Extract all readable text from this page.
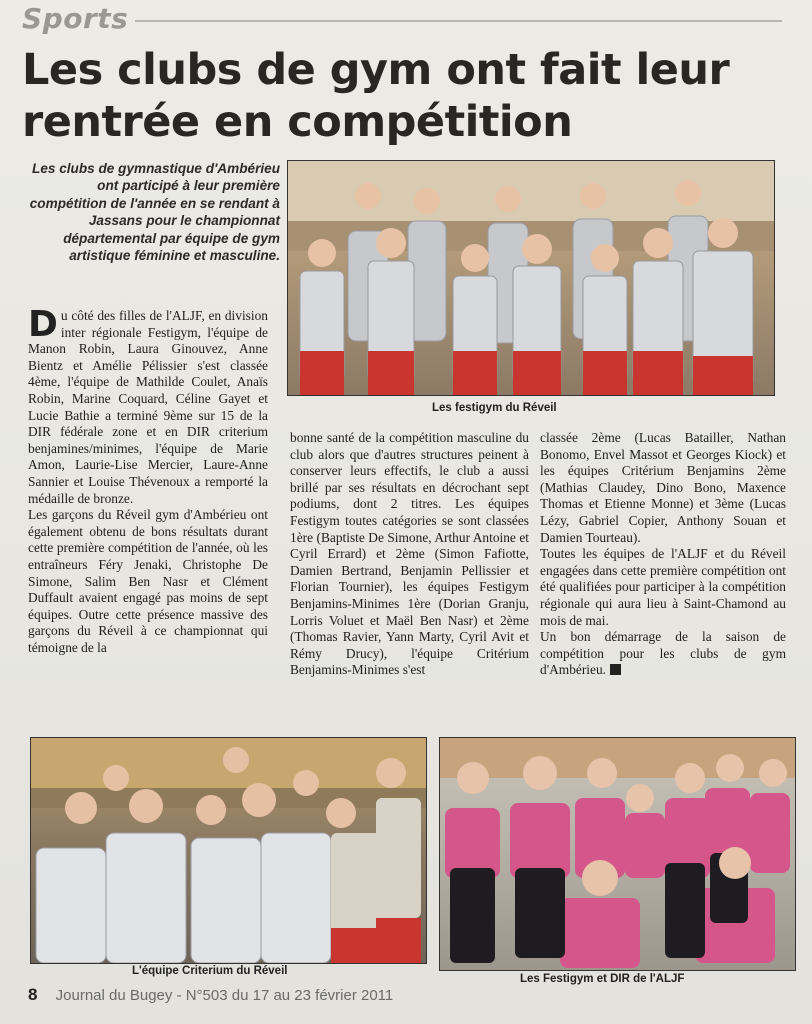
Sports
Les clubs de gym ont fait leur rentrée en compétition
Les clubs de gymnastique d'Ambérieu ont participé à leur première compétition de l'année en se rendant à Jassans pour le championnat départemental par équipe de gym artistique féminine et masculine.
Les festigym du Réveil

Du côté des filles de l'ALJF, en division inter régionale Festigym, l'équipe de Manon Robin, Laura Ginouvez, Anne Bientz et Amélie Pélissier s'est classée 4ème, l'équipe de Mathilde Coulet, Anaïs Robin, Marine Coquard, Céline Gayet et Lucie Bathie a terminé 9ème sur 15 de la DIR fédérale zone et en DIR criterium benjamines/minimes, l'équipe de Marie Amon, Laurie-Lise Mercier, Laure-Anne Sannier et Louise Thévenoux a remporté la médaille de bronze.

Les garçons du Réveil gym d'Ambérieu ont également obtenu de bons résultats durant cette première compétition de l'année, où les entraîneurs Féry Jenaki, Christophe De Simone, Salim Ben Nasr et Clément Duffault avaient engagé pas moins de sept équipes. Outre cette présence massive des garçons du Réveil à ce championnat qui témoigne de la

bonne santé de la compétition masculine du club alors que d'autres structures peinent à conserver leurs effectifs, le club a aussi brillé par ses résultats en décrochant sept podiums, dont 2 titres. Les équipes Festigym toutes catégories se sont classées 1ère (Baptiste De Simone, Arthur Antoine et Cyril Errard) et 2ème (Simon Fafiotte, Damien Bertrand, Benjamin Pellissier et Florian Tournier), les équipes Festigym Benjamins-Minimes 1ère (Dorian Granju, Lorris Voluet et Maël Ben Nasr) et 2ème (Thomas Ravier, Yann Marty, Cyril Avit et Rémy Drucy), l'équipe Critérium Benjamins-Minimes s'est

classée 2ème (Lucas Batailler, Nathan Bonomo, Envel Massot et Georges Kiock) et les équipes Critérium Benjamins 2ème (Mathias Claudey, Dino Bono, Maxence Thomas et Etienne Monne) et 3ème (Lucas Lézy, Gabriel Copier, Anthony Souan et Damien Tourteau).

Toutes les équipes de l'ALJF et du Réveil engagées dans cette première compétition ont été qualifiées pour participer à la compétition régionale qui aura lieu à Saint-Chamond au mois de mai.

Un bon démarrage de la saison de compétition pour les clubs de gym d'Ambérieu.

L'équipe Criterium du Réveil
Les Festigym et DIR de l'ALJF
8 Journal du Bugey - N°503 du 17 au 23 février 2011
